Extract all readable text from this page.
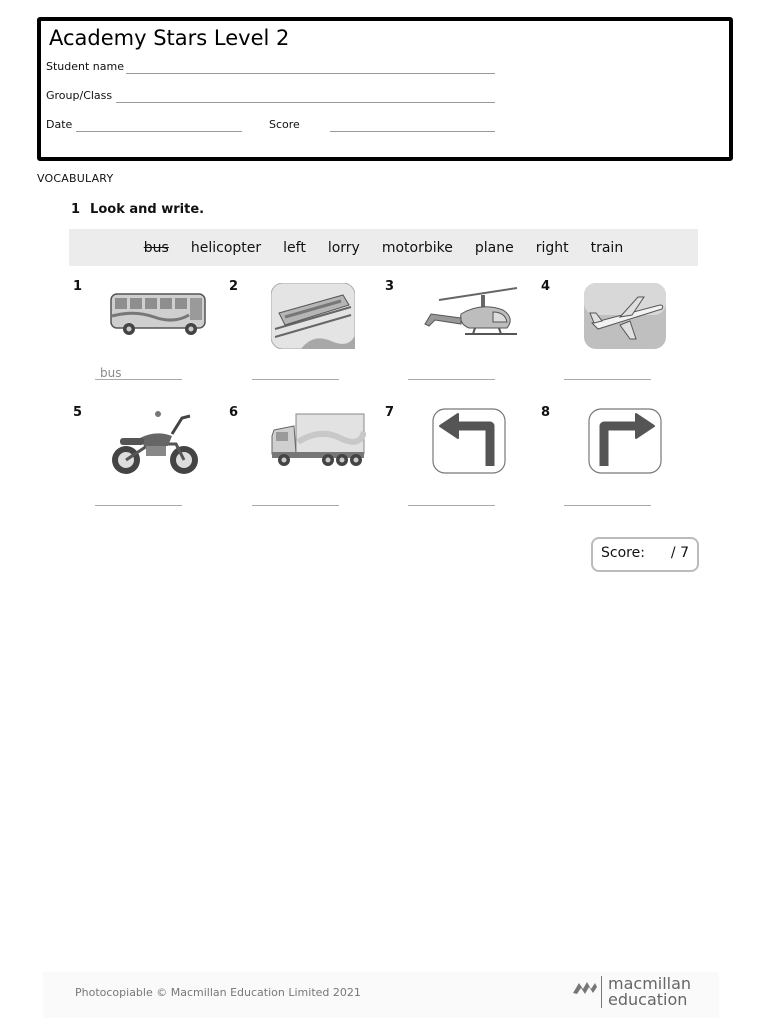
Academy Stars Level 2
Student name
Group/Class
Date	Score
VOCABULARY
1 Look and write.
bus helicopter left lorry motorbike plane right train
1
bus
2	3	4
5	6	7	8
Score: / 7
Photocopiable © Macmillan Education Limited 2021	macmillan
education
